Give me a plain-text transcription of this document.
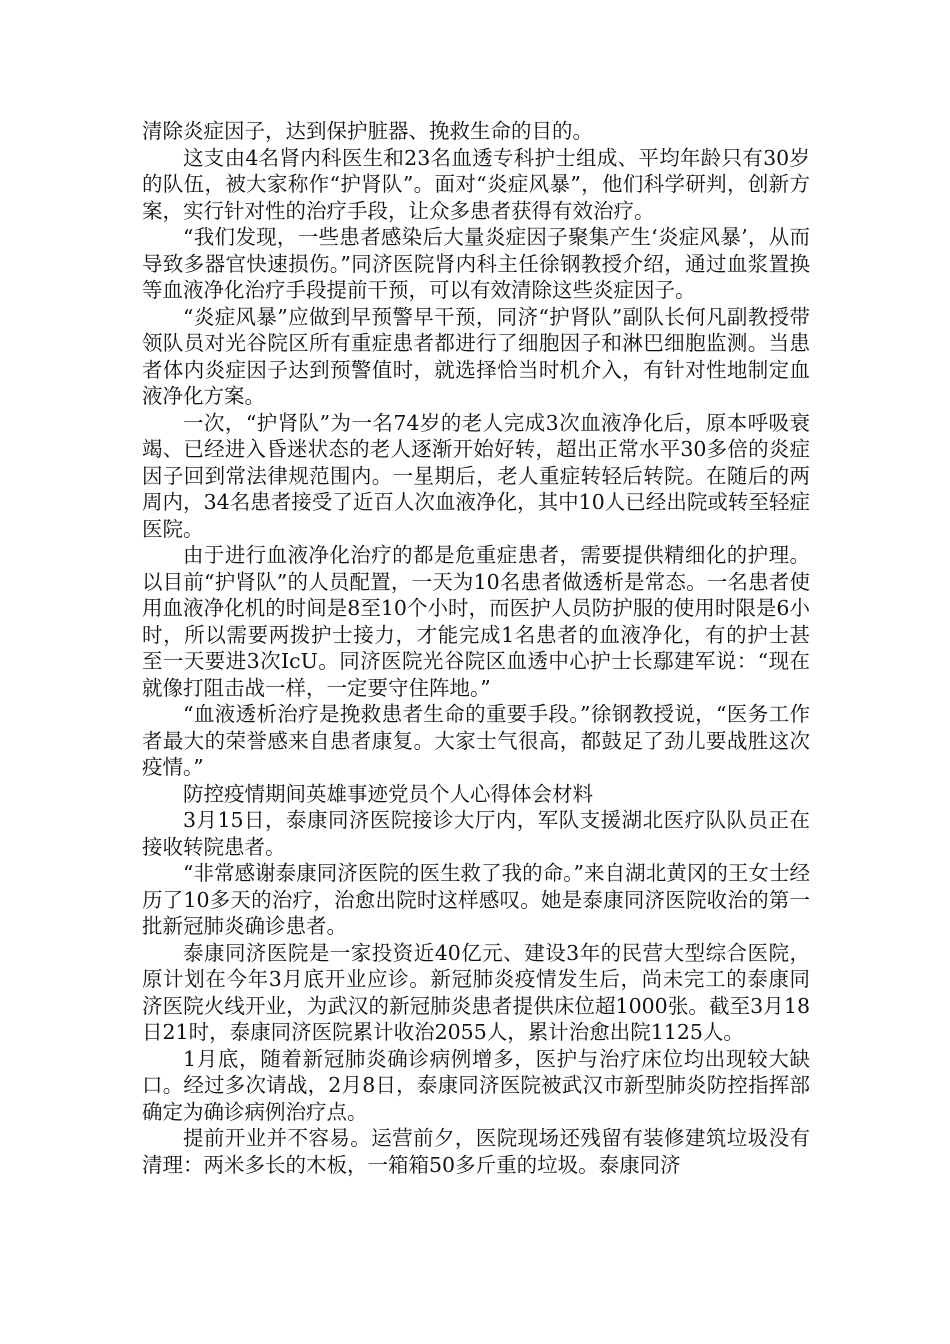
清除炎症因子，达到保护脏器、挽救生命的目的。

这支由4名肾内科医生和23名血透专科护士组成、平均年龄只有30岁的队伍，被大家称作“护肾队”。面对“炎症风暴”，他们科学研判，创新方案，实行针对性的治疗手段，让众多患者获得有效治疗。

“我们发现，一些患者感染后大量炎症因子聚集产生‘炎症风暴’，从而导致多器官快速损伤。”同济医院肾内科主任徐钢教授介绍，通过血浆置换等血液净化治疗手段提前干预，可以有效清除这些炎症因子。

“炎症风暴”应做到早预警早干预，同济“护肾队”副队长何凡副教授带领队员对光谷院区所有重症患者都进行了细胞因子和淋巴细胞监测。当患者体内炎症因子达到预警值时，就选择恰当时机介入，有针对性地制定血液净化方案。

一次，“护肾队”为一名74岁的老人完成3次血液净化后，原本呼吸衰竭、已经进入昏迷状态的老人逐渐开始好转，超出正常水平30多倍的炎症因子回到常法律规范围内。一星期后，老人重症转轻后转院。在随后的两周内，34名患者接受了近百人次血液净化，其中10人已经出院或转至轻症医院。

由于进行血液净化治疗的都是危重症患者，需要提供精细化的护理。以目前“护肾队”的人员配置，一天为10名患者做透析是常态。一名患者使用血液净化机的时间是8至10个小时，而医护人员防护服的使用时限是6小时，所以需要两拨护士接力，才能完成1名患者的血液净化，有的护士甚至一天要进3次IcU。同济医院光谷院区血透中心护士长鄢建军说：“现在就像打阻击战一样，一定要守住阵地。”

“血液透析治疗是挽救患者生命的重要手段。”徐钢教授说，“医务工作者最大的荣誉感来自患者康复。大家士气很高，都鼓足了劲儿要战胜这次疫情。”

防控疫情期间英雄事迹党员个人心得体会材料

3月15日，泰康同济医院接诊大厅内，军队支援湖北医疗队队员正在接收转院患者。

“非常感谢泰康同济医院的医生救了我的命。”来自湖北黄冈的王女士经历了10多天的治疗，治愈出院时这样感叹。她是泰康同济医院收治的第一批新冠肺炎确诊患者。

泰康同济医院是一家投资近40亿元、建设3年的民营大型综合医院，原计划在今年3月底开业应诊。新冠肺炎疫情发生后，尚未完工的泰康同济医院火线开业，为武汉的新冠肺炎患者提供床位超1000张。截至3月18日21时，泰康同济医院累计收治2055人，累计治愈出院1125人。

1月底，随着新冠肺炎确诊病例增多，医护与治疗床位均出现较大缺口。经过多次请战，2月8日，泰康同济医院被武汉市新型肺炎防控指挥部确定为确诊病例治疗点。

提前开业并不容易。运营前夕，医院现场还残留有装修建筑垃圾没有清理：两米多长的木板，一箱箱50多斤重的垃圾。泰康同济
